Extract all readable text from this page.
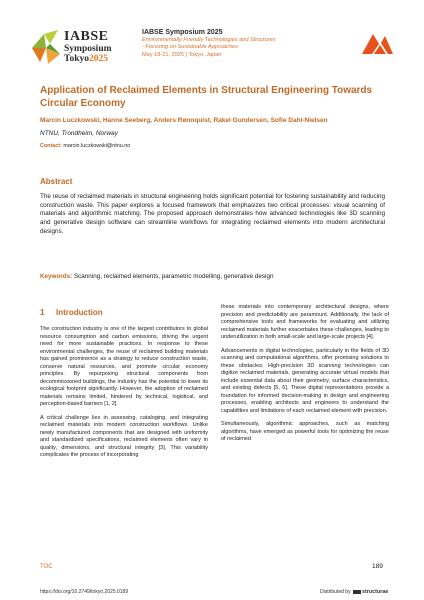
IABSE
Symposium
Tokyo2025
IABSE Symposium 2025
Environmentally Friendly Technologies and Structures
- Focusing on Sustainable Approaches
May 18-21, 2025 | Tokyo, Japan
Application of Reclaimed Elements in Structural Engineering Towards Circular Economy
Marcin Luczkowski, Hanne Seeberg, Anders Rønnquist, Rakel Gundersen, Sofie Dahl-Nielsen
NTNU, Trondheim, Norway
Contact: marcin.luczkowski@ntnu.no
Abstract
The reuse of reclaimed materials in structural engineering holds significant potential for fostering sustainability and reducing construction waste. This paper explores a focused framework that emphasizes two critical processes: visual scanning of materials and algorithmic matching. The proposed approach demonstrates how advanced technologies like 3D scanning and generative design software can streamline workflows for integrating reclaimed elements into modern architectural designs.
Keywords: Scanning, reclaimed elements, parametric modelling, generative design
1 Introduction

The construction industry is one of the largest contributors to global resource consumption and carbon emissions, driving the urgent need for more sustainable practices. In response to these environmental challenges, the reuse of reclaimed building materials has gained prominence as a strategy to reduce construction waste, conserve natural resources, and promote circular economy principles. By repurposing structural components from decommissioned buildings, the industry has the potential to lower its ecological footprint significantly. However, the adoption of reclaimed materials remains limited, hindered by technical, logistical, and perception-based barriers [1, 2].

A critical challenge lies in assessing, cataloging, and integrating reclaimed materials into modern construction workflows. Unlike newly manufactured components that are designed with uniformity and standardized specifications, reclaimed elements often vary in quality, dimensions, and structural integrity [3]. This variability complicates the process of incorporating

these materials into contemporary architectural designs, where precision and predictability are paramount. Additionally, the lack of comprehensive tools and frameworks for evaluating and utilizing reclaimed materials further exacerbates these challenges, leading to underutilization in both small-scale and large-scale projects [4].

Advancements in digital technologies, particularly in the fields of 3D scanning and computational algorithms, offer promising solutions to these obstacles. High-precision 3D scanning technologies can digitize reclaimed materials, generating accurate virtual models that include essential data about their geometry, surface characteristics, and existing defects [5, 6]. These digital representations provide a foundation for informed decision-making in design and engineering processes, enabling architects and engineers to understand the capabilities and limitations of each reclaimed element with precision.

Simultaneously, algorithmic approaches, such as matching algorithms, have emerged as powerful tools for optimizing the reuse of reclaimed

TOC	189
https://doi.org/10.2749/tokyo.2025.0189	Distributed by structurae
